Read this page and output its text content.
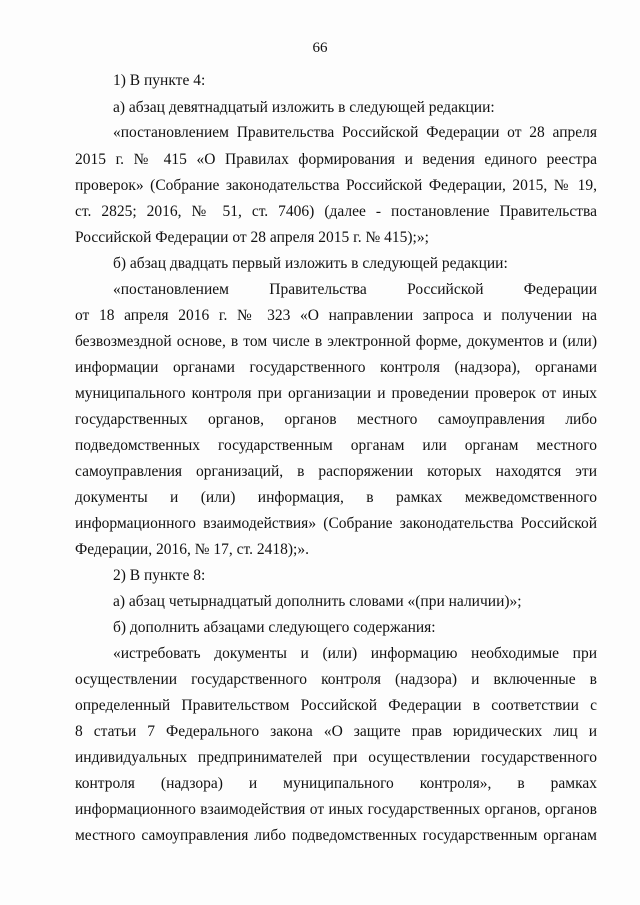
66
1) В пункте 4:
а) абзац девятнадцатый изложить в следующей редакции:
«постановлением Правительства Российской Федерации от 28 апреля
2015 г. № 415 «О Правилах формирования и ведения единого реестра
проверок» (Собрание законодательства Российской Федерации, 2015, № 19,
ст. 2825; 2016, № 51, ст. 7406) (далее - постановление Правительства
Российской Федерации от 28 апреля 2015 г. № 415);»;
б) абзац двадцать первый изложить в следующей редакции:
«постановлением Правительства Российской Федерации
от 18 апреля 2016 г. № 323 «О направлении запроса и получении на
безвозмездной основе, в том числе в электронной форме, документов и (или)
информации органами государственного контроля (надзора), органами
муниципального контроля при организации и проведении проверок от иных
государственных органов, органов местного самоуправления либо
подведомственных государственным органам или органам местного
самоуправления организаций, в распоряжении которых находятся эти
документы и (или) информация, в рамках межведомственного
информационного взаимодействия» (Собрание законодательства Российской
Федерации, 2016, № 17, ст. 2418);».
2) В пункте 8:
а) абзац четырнадцатый дополнить словами «(при наличии)»;
б) дополнить абзацами следующего содержания:
«истребовать документы и (или) информацию необходимые при
осуществлении государственного контроля (надзора) и включенные в
определенный Правительством Российской Федерации в соответствии с
8 статьи 7 Федерального закона «О защите прав юридических лиц и
индивидуальных предпринимателей при осуществлении государственного
контроля (надзора) и муниципального контроля», в рамках
информационного взаимодействия от иных государственных органов, органов
местного самоуправления либо подведомственных государственным органам
